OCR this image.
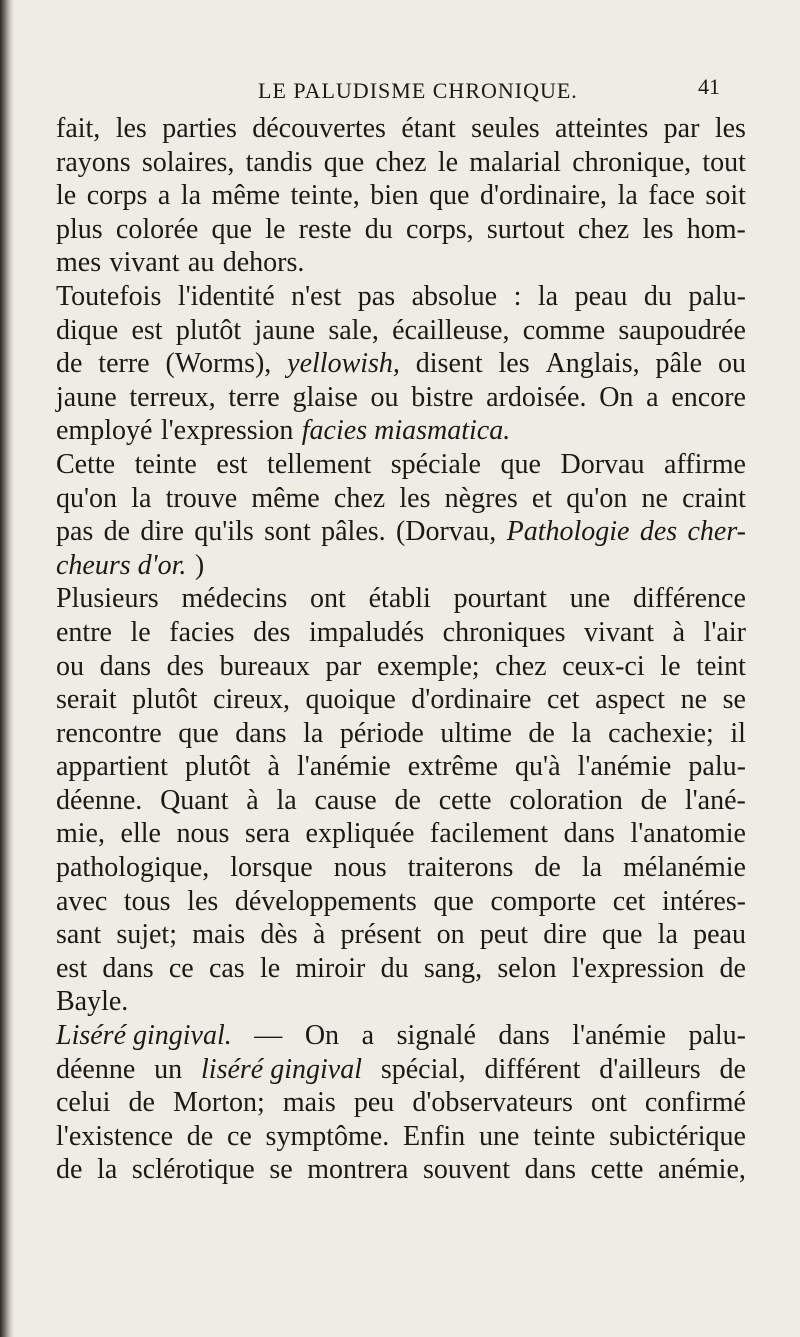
LE PALUDISME CHRONIQUE.	41
fait, les parties découvertes étant seules atteintes par les
rayons solaires, tandis que chez le malarial chronique, tout
le corps a la même teinte, bien que d'ordinaire, la face soit
plus colorée que le reste du corps, surtout chez les hom-
mes vivant au dehors.
Toutefois l'identité n'est pas absolue : la peau du palu-
dique est plutôt jaune sale, écailleuse, comme saupoudrée
de terre (Worms), yellowish, disent les Anglais, pâle ou
jaune terreux, terre glaise ou bistre ardoisée. On a encore
employé l'expression facies miasmatica.
Cette teinte est tellement spéciale que Dorvau affirme
qu'on la trouve même chez les nègres et qu'on ne craint
pas de dire qu'ils sont pâles. (Dorvau, Pathologie des cher-
cheurs d'or. )
Plusieurs médecins ont établi pourtant une différence
entre le facies des impaludés chroniques vivant à l'air
ou dans des bureaux par exemple; chez ceux-ci le teint
serait plutôt cireux, quoique d'ordinaire cet aspect ne se
rencontre que dans la période ultime de la cachexie; il
appartient plutôt à l'anémie extrême qu'à l'anémie palu-
déenne. Quant à la cause de cette coloration de l'ané-
mie, elle nous sera expliquée facilement dans l'anatomie
pathologique, lorsque nous traiterons de la mélanémie
avec tous les développements que comporte cet intéres-
sant sujet; mais dès à présent on peut dire que la peau
est dans ce cas le miroir du sang, selon l'expression de
Bayle.
Liséré gingival. — On a signalé dans l'anémie palu-
déenne un liséré gingival spécial, différent d'ailleurs de
celui de Morton; mais peu d'observateurs ont confirmé
l'existence de ce symptôme. Enfin une teinte subictérique
de la sclérotique se montrera souvent dans cette anémie,
